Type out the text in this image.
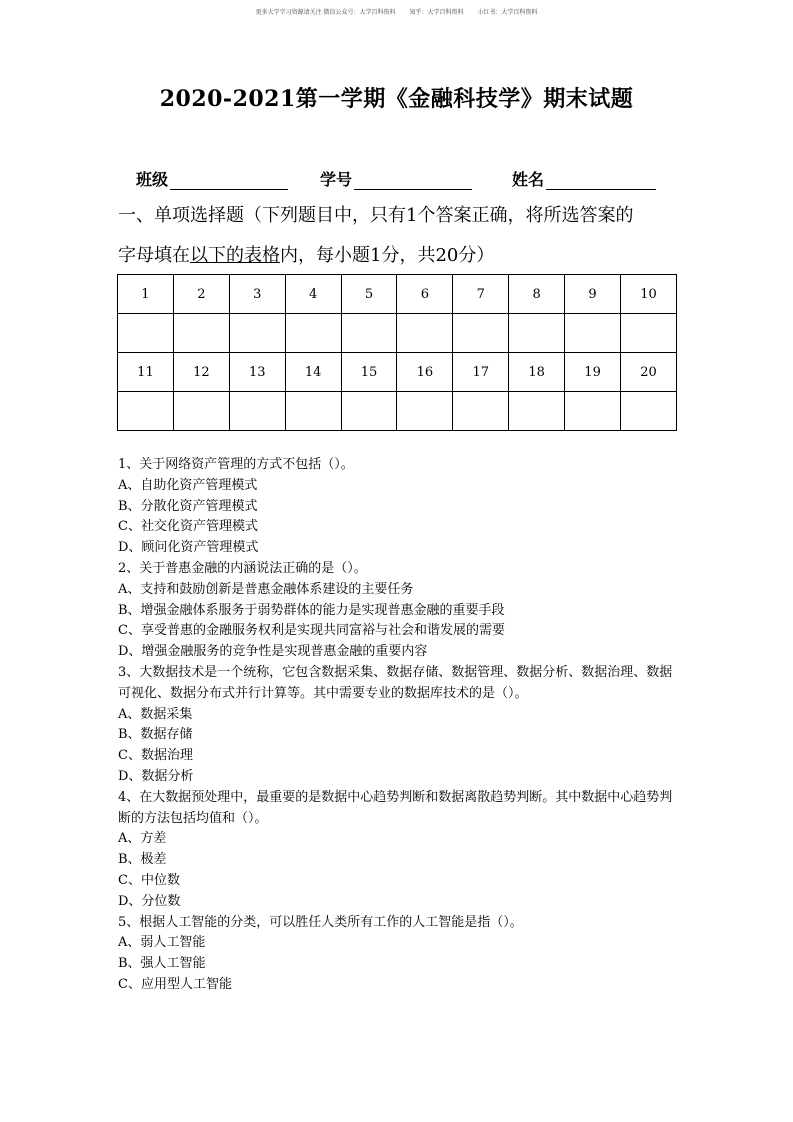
更多大学学习资源请关注 微信公众号：大学百科资料 知乎：大学百科资料 小红书：大学百科资料
2020-2021第一学期《金融科技学》期末试题
班级	学号	姓名
一、单项选择题（下列题目中，只有1个答案正确，将所选答案的
字母填在以下的表格内，每小题1分，共20分）
1	2	3	4	5	6	7	8	9	10

11	12	13	14	15	16	17	18	19	20

1、关于网络资产管理的方式不包括（）。

A、自助化资产管理模式

B、分散化资产管理模式

C、社交化资产管理模式

D、顾问化资产管理模式

2、关于普惠金融的内涵说法正确的是（）。

A、支持和鼓励创新是普惠金融体系建设的主要任务

B、增强金融体系服务于弱势群体的能力是实现普惠金融的重要手段

C、享受普惠的金融服务权利是实现共同富裕与社会和谐发展的需要

D、增强金融服务的竞争性是实现普惠金融的重要内容

3、大数据技术是一个统称，它包含数据采集、数据存储、数据管理、数据分析、数据治理、数据可视化、数据分布式并行计算等。其中需要专业的数据库技术的是（）。

A、数据采集

B、数据存储

C、数据治理

D、数据分析

4、在大数据预处理中，最重要的是数据中心趋势判断和数据离散趋势判断。其中数据中心趋势判断的方法包括均值和（）。

A、方差

B、极差

C、中位数

D、分位数

5、根据人工智能的分类，可以胜任人类所有工作的人工智能是指（）。

A、弱人工智能

B、强人工智能

C、应用型人工智能
